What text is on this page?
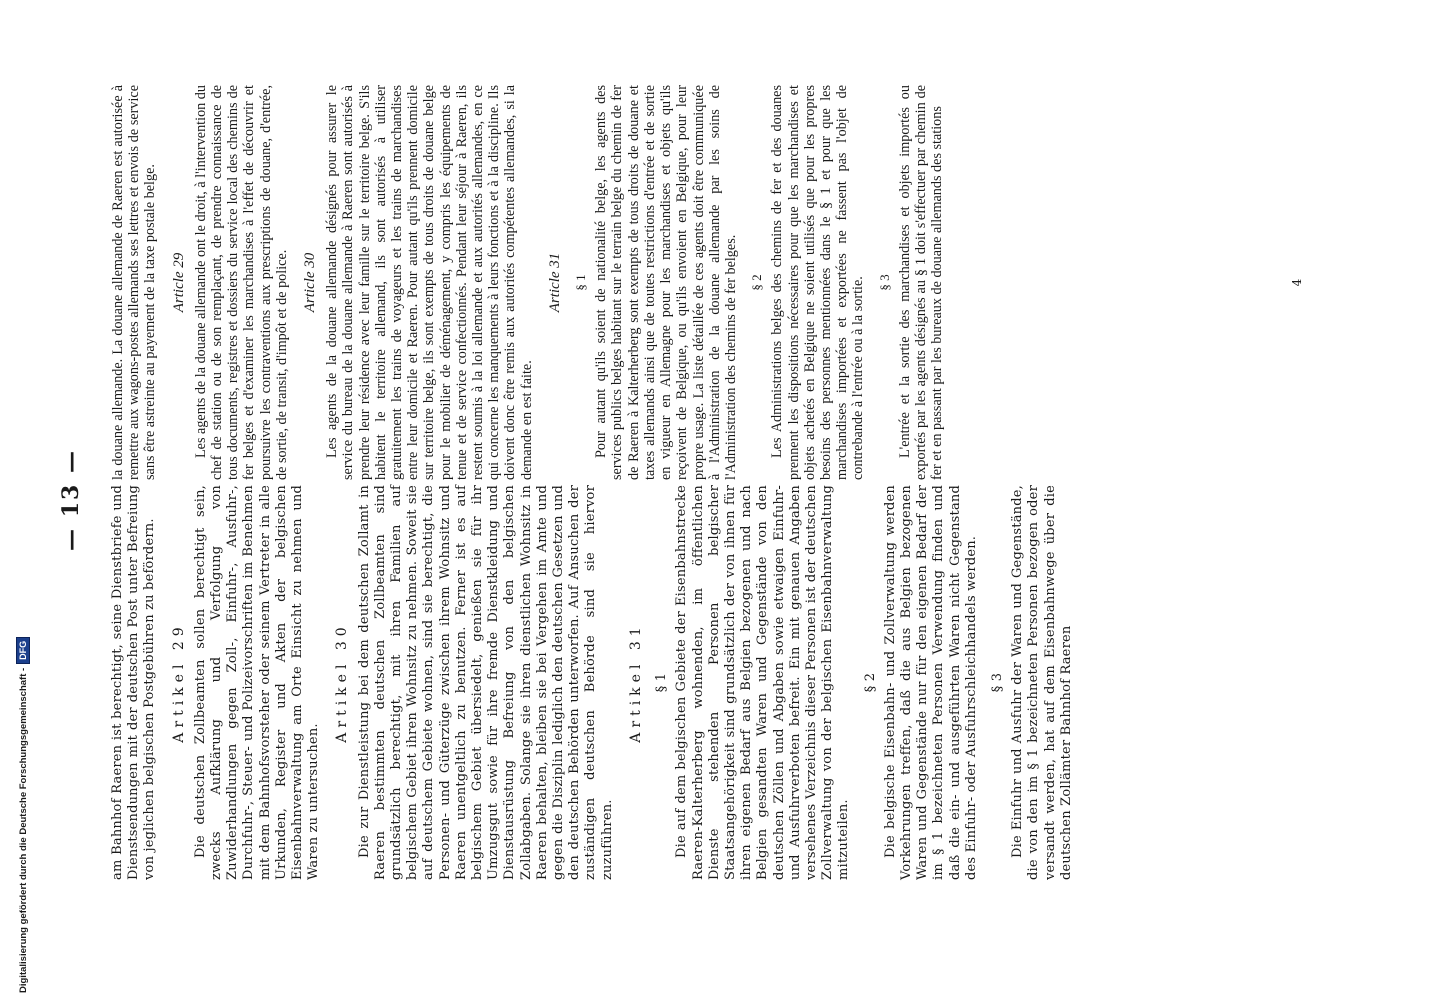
— 13 — am Bahnhof Raeren ist berechtigt, seine Dienstbriefe und Dienstsendungen mit der deutschen Post unter Befreiung von jeglichen belgischen Postgebühren zu befördern. Artikel 29 Die deutschen Zollbeamten sollen berechtigt sein, zwecks Aufklärung und Verfolgung von Zuwiderhandlungen gegen Zoll-, Einfuhr-, Ausfuhr-, Durchfuhr-, Steuer- und Polizeivorschriften im Benehmen mit dem Bahnhofsvorsteher oder seinem Vertreter in alle Urkunden, Register und Akten der belgischen Eisenbahnverwaltung am Orte Einsicht zu nehmen und Waren zu untersuchen.

Artikel 30 Die zur Dienstleistung bei dem deutschen Zollamt in Raeren bestimmten deutschen Zollbeamten sind grundsätzlich berechtigt, mit ihren Familien auf belgischem Gebiet ihren Wohnsitz zu nehmen. Soweit sie auf deutschem Gebiete wohnen, sind sie berechtigt, die Personen- und Güterzüge zwischen ihrem Wohnsitz und Raeren unentgeltlich zu benutzen. Ferner ist es auf belgischem Gebiet übersiedelt, genießen sie für ihr Umzugsgut sowie für ihre fremde Dienstkleidung und Dienstausrüstung Befreiung von den belgischen Zollabgaben. Solange sie ihren dienstlichen Wohnsitz in Raeren behalten, bleiben sie bei Vergehen im Amte und gegen die Disziplin lediglich den deutschen Gesetzen und den deutschen Behörden unterworfen. Auf Ansuchen der zuständigen deutschen Behörde sind sie hiervor zuzuführen.

Artikel 31 § 1 Die auf dem belgischen Gebiete der Eisenbahnstrecke Raeren-Kalterherberg wohnenden, im öffentlichen Dienste stehenden Personen belgischer Staatsangehörigkeit sind grundsätzlich der von ihnen für ihren eigenen Bedarf aus Belgien bezogenen und nach Belgien gesandten Waren und Gegenstände von den deutschen Zöllen und Abgaben sowie etwaigen Einfuhr- und Ausfuhrverboten befreit. Ein mit genauen Angaben versehenes Verzeichnis dieser Personen ist der deutschen Zollverwaltung von der belgischen Eisenbahnverwaltung mitzuteilen.

§ 2 Die belgische Eisenbahn- und Zollverwaltung werden Vorkehrungen treffen, daß die aus Belgien bezogenen Waren und Gegenstände nur für den eigenen Bedarf der im § 1 bezeichneten Personen Verwendung finden und daß die ein- und ausgeführten Waren nicht Gegenstand des Einfuhr- oder Ausfuhrschleichhandels werden. § 3 Die Einfuhr und Ausfuhr der Waren und Gegenstände, die von den im § 1 bezeichneten Personen bezogen oder versandt werden, hat auf dem Eisenbahnwege über die deutschen Zollämter Bahnhof Raeren

la douane allemande. La douane allemande de Raeren est autorisée à remettre aux wagons-postes allemands ses lettres et envois de service sans être astreinte au payement de la taxe postale belge. Article 29 Les agents de la douane allemande ont le droit, à l'intervention du chef de station ou de son remplaçant, de prendre connaissance de tous documents, registres et dossiers du service local des chemins de fer belges et d'examiner les marchandises à l'effet de découvrir et poursuivre les contraventions aux prescriptions de douane, d'entrée, de sortie, de transit, d'impôt et de police. Article 30 Les agents de la douane allemande désignés pour assurer le service du bureau de la douane allemande à Raeren sont autorisés à prendre leur résidence avec leur famille sur le territoire belge. S'ils habitent le territoire allemand, ils sont autorisés à utiliser gratuitement les trains de voyageurs et les trains de marchandises entre leur domicile et Raeren. Pour autant qu'ils prennent domicile sur territoire belge, ils sont exempts de tous droits de douane belge pour le mobilier de déménagement, y compris les équipements de tenue et de service confectionnés. Pendant leur séjour à Raeren, ils restent soumis à la loi allemande et aux autorités allemandes, en ce qui concerne les manquements à leurs fonctions et à la discipline. Ils doivent donc être remis aux autorités compétentes allemandes, si la demande en est faite.

Article 31 § 1 Pour autant qu'ils soient de nationalité belge, les agents des services publics belges habitant sur le terrain belge du chemin de fer de Raeren à Kalterherberg sont exempts de tous droits de douane et taxes allemands ainsi que de toutes restrictions d'entrée et de sortie en vigueur en Allemagne pour les marchandises et objets qu'ils reçoivent de Belgique, ou qu'ils envoient en Belgique, pour leur propre usage. La liste détaillée de ces agents doit être communiquée à l'Administration de la douane allemande par les soins de l'Administration des chemins de fer belges. § 2 Les Administrations belges des chemins de fer et des douanes prennent les dispositions nécessaires pour que les marchandises et objets achetés en Belgique ne soient utilisés que pour les propres besoins des personnes mentionnées dans le § 1 et pour que les marchandises importées et exportées ne fassent pas l'objet de contrebande à l'entrée ou à la sortie. § 3 L'entrée et la sortie des marchandises et objets importés ou exportés par les agents désignés au § 1 doit s'effectuer par chemin de fer et en passant par les bureaux de douane allemands des stations	4
Digitalisierung gefördert durch die Deutsche Forschungsgemeinschaft -
DFG
